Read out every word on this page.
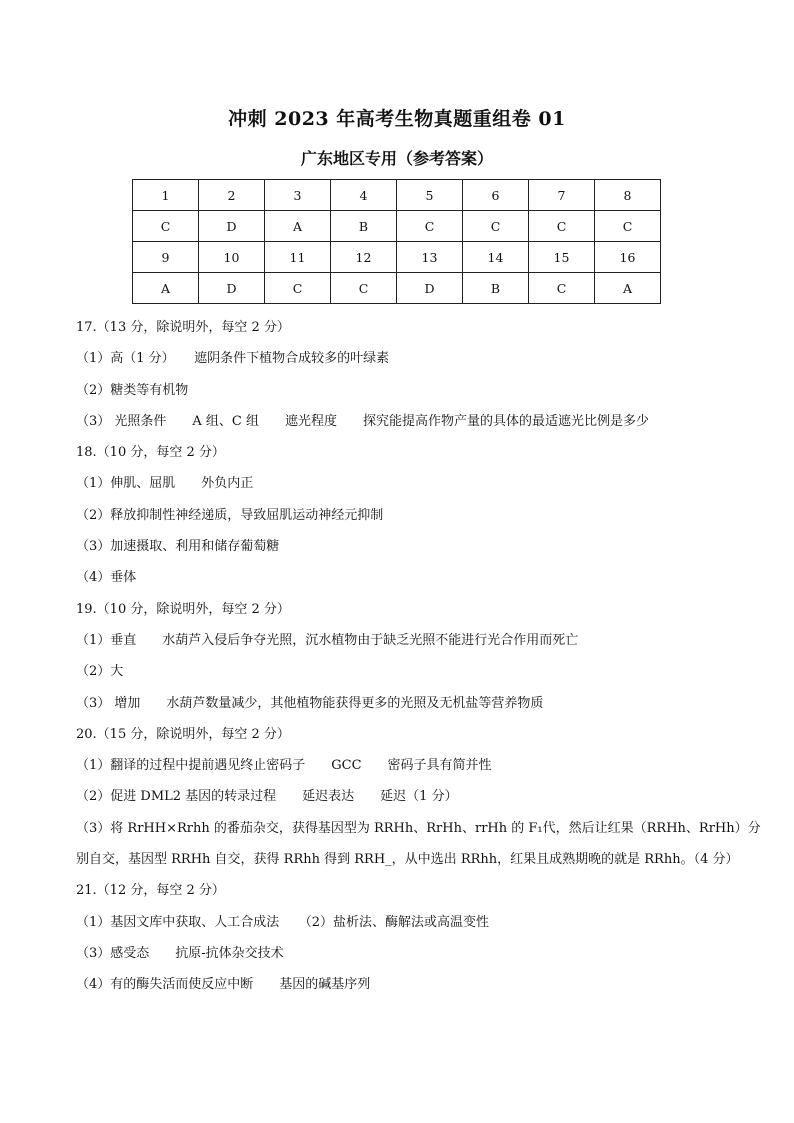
冲刺 2023 年高考生物真题重组卷 01
广东地区专用（参考答案）
1	2	3	4	5	6	7	8
C	D	A	B	C	C	C	C
9	10	11	12	13	14	15	16
A	D	C	C	D	B	C	A
17.（13 分，除说明外，每空 2 分）
（1）高（1 分）　　遮阴条件下植物合成较多的叶绿素
（2）糖类等有机物
（3） 光照条件　　A 组、C 组　　遮光程度　　探究能提高作物产量的具体的最适遮光比例是多少
18.（10 分，每空 2 分）
（1）伸肌、屈肌　　外负内正
（2）释放抑制性神经递质，导致屈肌运动神经元抑制
（3）加速摄取、利用和储存葡萄糖
（4）垂体
19.（10 分，除说明外，每空 2 分）
（1）垂直　　水葫芦入侵后争夺光照，沉水植物由于缺乏光照不能进行光合作用而死亡
（2）大
（3） 增加　　水葫芦数量减少，其他植物能获得更多的光照及无机盐等营养物质
20.（15 分，除说明外，每空 2 分）
（1）翻译的过程中提前遇见终止密码子　　GCC　　密码子具有简并性
（2）促进 DML2 基因的转录过程　　延迟表达　　延迟（1 分）
（3）将 RrHH×Rrhh 的番茄杂交，获得基因型为 RRHh、RrHh、rrHh 的 F₁代，然后让红果（RRHh、RrHh）分别自交，基因型 RRHh 自交，获得 RRhh 得到 RRH_，从中选出 RRhh，红果且成熟期晚的就是 RRhh。（4 分）
21.（12 分，每空 2 分）
（1）基因文库中获取、人工合成法　　（2）盐析法、酶解法或高温变性
（3）感受态　　抗原-抗体杂交技术
（4）有的酶失活而使反应中断　　基因的碱基序列
